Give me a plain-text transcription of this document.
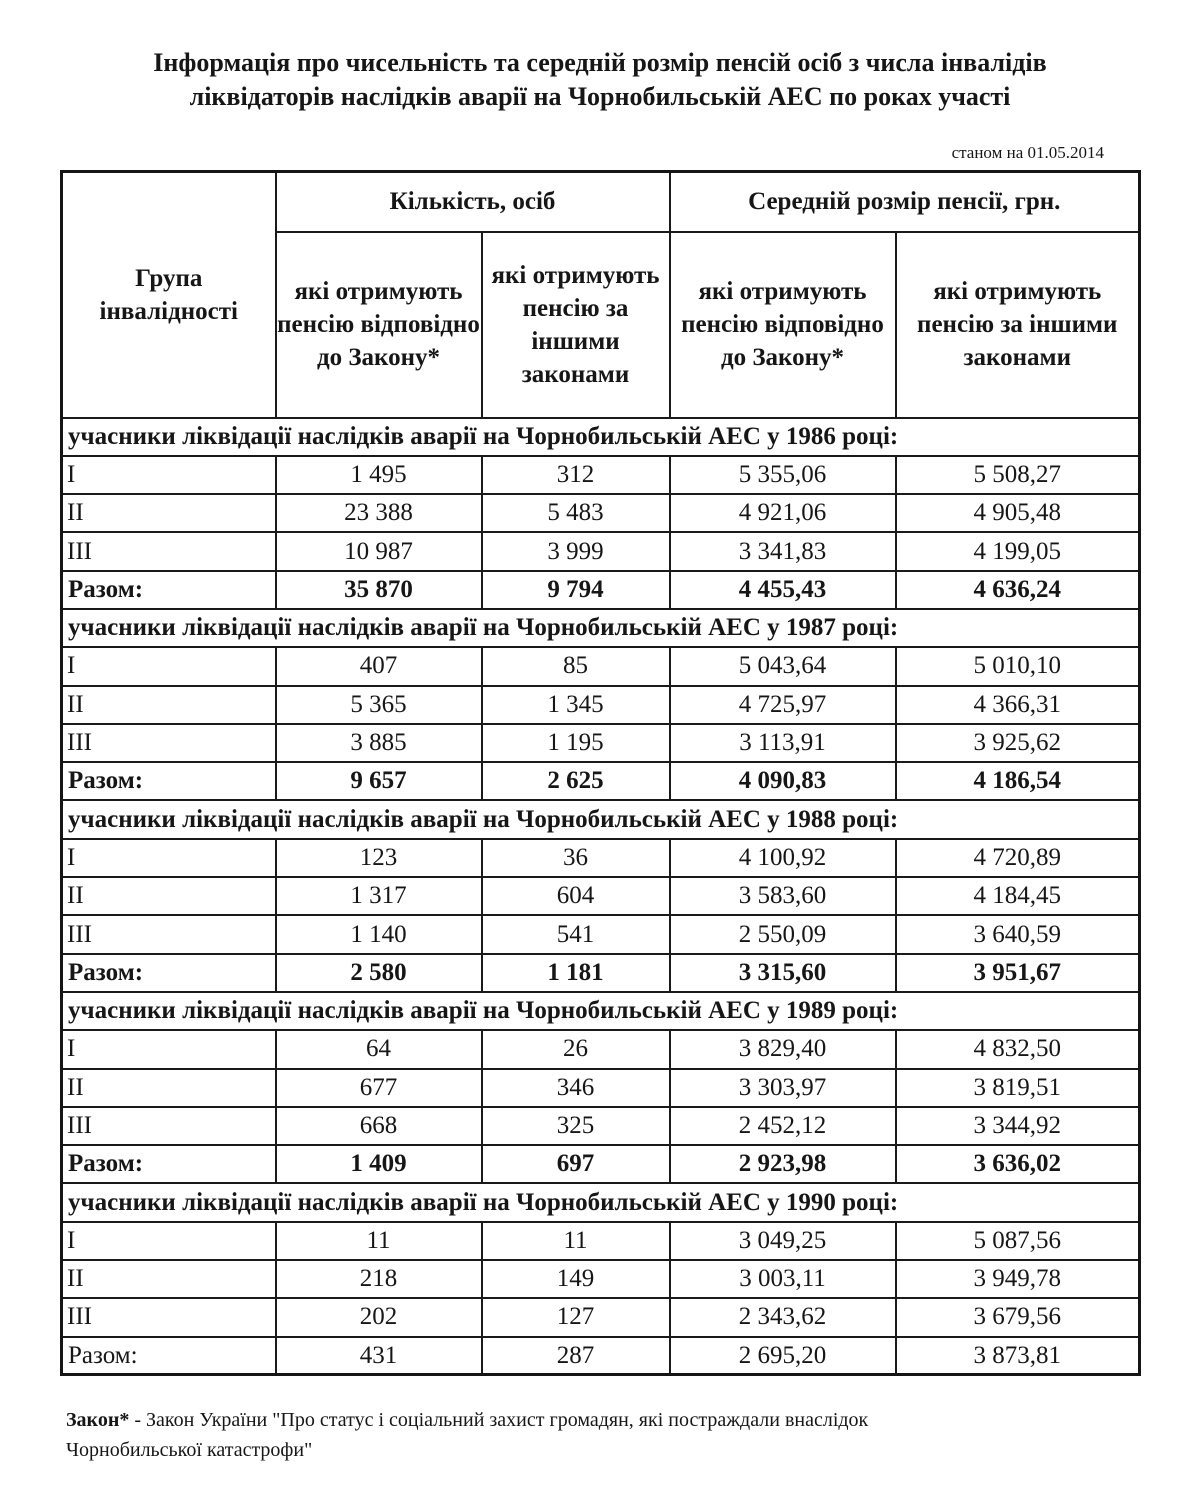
Інформація про чисельність та середній розмір пенсій осіб з числа інвалідів
ліквідаторів наслідків аварії на Чорнобильській АЕС по роках участі
станом на 01.05.2014
Група інвалідності	Кількість, осіб		Середній розмір пенсії, грн.	
	які отримують пенсію відповідно до Закону*	які отримують пенсію за іншими законами	які отримують пенсію відповідно до Закону*	які отримують пенсію за іншими законами
учасники ліквідації наслідків аварії на Чорнобильській АЕС у 1986 році:				
I	1 495	312	5 355,06	5 508,27
II	23 388	5 483	4 921,06	4 905,48
III	10 987	3 999	3 341,83	4 199,05
Разом:	35 870	9 794	4 455,43	4 636,24
учасники ліквідації наслідків аварії на Чорнобильській АЕС у 1987 році:				
I	407	85	5 043,64	5 010,10
II	5 365	1 345	4 725,97	4 366,31
III	3 885	1 195	3 113,91	3 925,62
Разом:	9 657	2 625	4 090,83	4 186,54
учасники ліквідації наслідків аварії на Чорнобильській АЕС у 1988 році:				
I	123	36	4 100,92	4 720,89
II	1 317	604	3 583,60	4 184,45
III	1 140	541	2 550,09	3 640,59
Разом:	2 580	1 181	3 315,60	3 951,67
учасники ліквідації наслідків аварії на Чорнобильській АЕС у 1989 році:				
I	64	26	3 829,40	4 832,50
II	677	346	3 303,97	3 819,51
III	668	325	2 452,12	3 344,92
Разом:	1 409	697	2 923,98	3 636,02
учасники ліквідації наслідків аварії на Чорнобильській АЕС у 1990 році:				
I	11	11	3 049,25	5 087,56
II	218	149	3 003,11	3 949,78
III	202	127	2 343,62	3 679,56
Разом:	431	287	2 695,20	3 873,81
Закон* - Закон України "Про статус і соціальний захист громадян, які постраждали внаслідок
Чорнобильської катастрофи"
